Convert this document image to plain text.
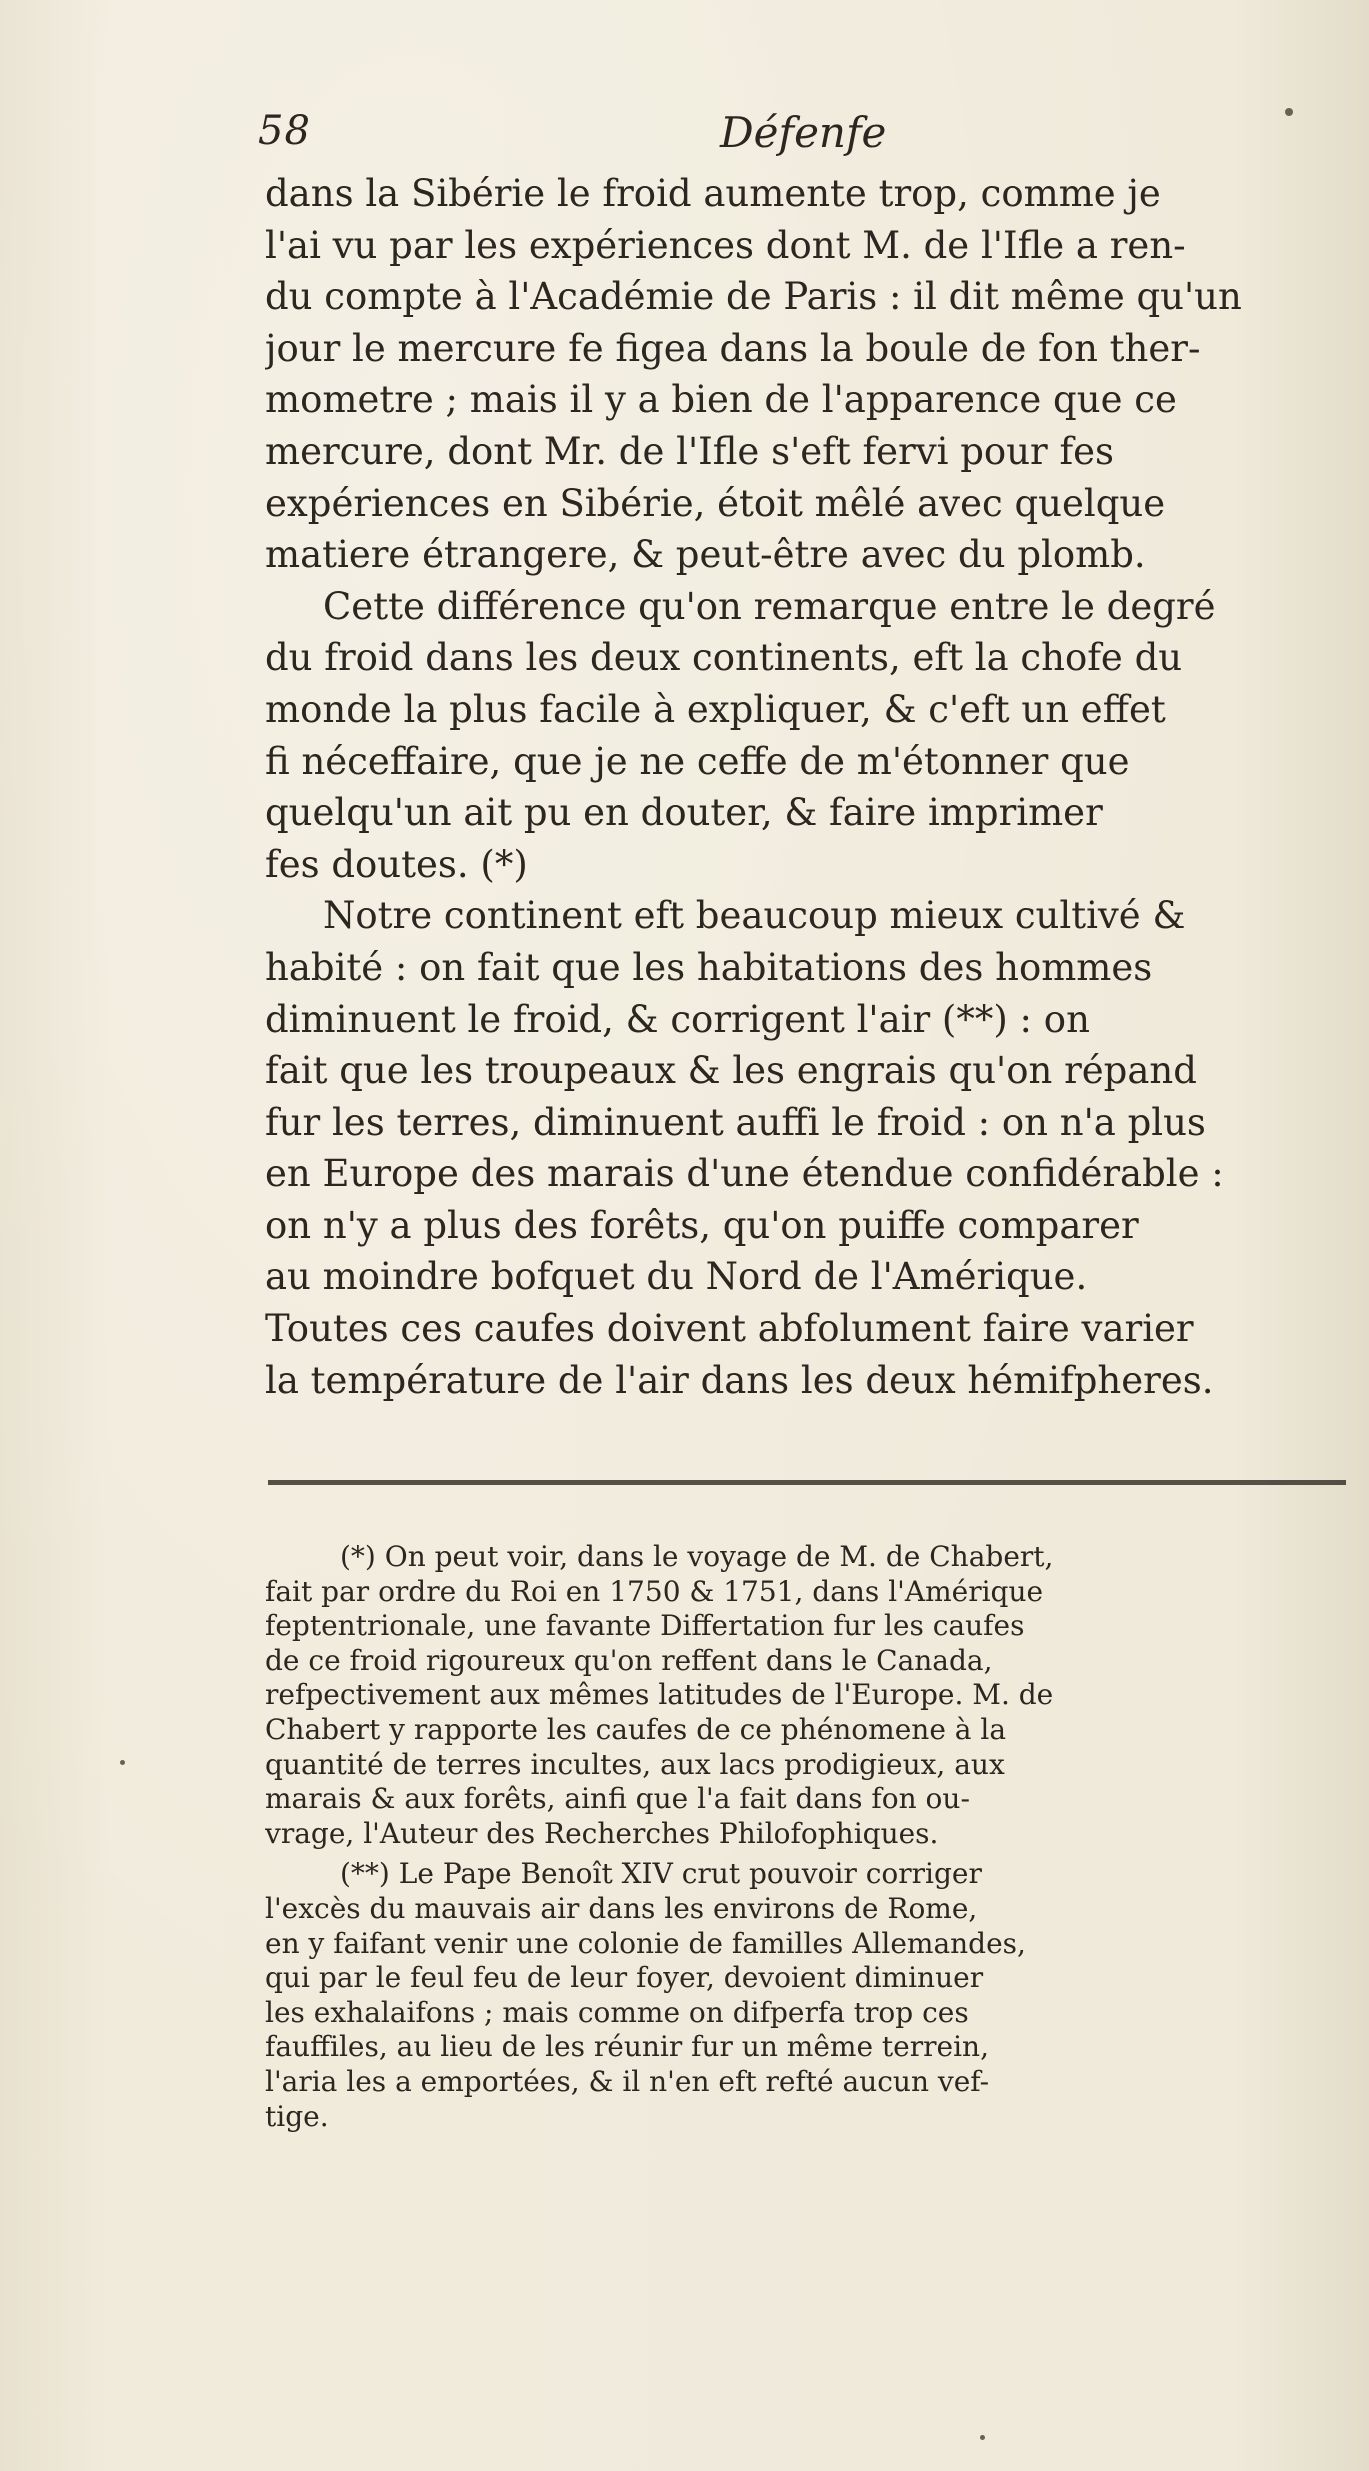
58	Défenfe
dans la Sibérie le froid aumente trop, comme je
l'ai vu par les expériences dont M. de l'Ifle a ren-
du compte à l'Académie de Paris : il dit même qu'un
jour le mercure fe figea dans la boule de fon ther-
mometre ; mais il y a bien de l'apparence que ce
mercure, dont Mr. de l'Ifle s'eft fervi pour fes
expériences en Sibérie, étoit mêlé avec quelque
matiere étrangere, & peut-être avec du plomb.
Cette différence qu'on remarque entre le degré
du froid dans les deux continents, eft la chofe du
monde la plus facile à expliquer, & c'eft un effet
fi néceffaire, que je ne ceffe de m'étonner que
quelqu'un ait pu en douter, & faire imprimer
fes doutes. (*)
Notre continent eft beaucoup mieux cultivé &
habité : on fait que les habitations des hommes
diminuent le froid, & corrigent l'air (**) : on
fait que les troupeaux & les engrais qu'on répand
fur les terres, diminuent auffi le froid : on n'a plus
en Europe des marais d'une étendue confidérable :
on n'y a plus des forêts, qu'on puiffe comparer
au moindre bofquet du Nord de l'Amérique.
Toutes ces caufes doivent abfolument faire varier
la température de l'air dans les deux hémifpheres.
(*) On peut voir, dans le voyage de M. de Chabert,
fait par ordre du Roi en 1750 & 1751, dans l'Amérique
feptentrionale, une favante Differtation fur les caufes
de ce froid rigoureux qu'on reffent dans le Canada,
refpectivement aux mêmes latitudes de l'Europe. M. de
Chabert y rapporte les caufes de ce phénomene à la
quantité de terres incultes, aux lacs prodigieux, aux
marais & aux forêts, ainfi que l'a fait dans fon ou-
vrage, l'Auteur des Recherches Philofophiques.
(**) Le Pape Benoît XIV crut pouvoir corriger
l'excès du mauvais air dans les environs de Rome,
en y faifant venir une colonie de familles Allemandes,
qui par le feul feu de leur foyer, devoient diminuer
les exhalaifons ; mais comme on difperfa trop ces
fauffiles, au lieu de les réunir fur un même terrein,
l'aria les a emportées, & il n'en eft refté aucun vef-
tige.
